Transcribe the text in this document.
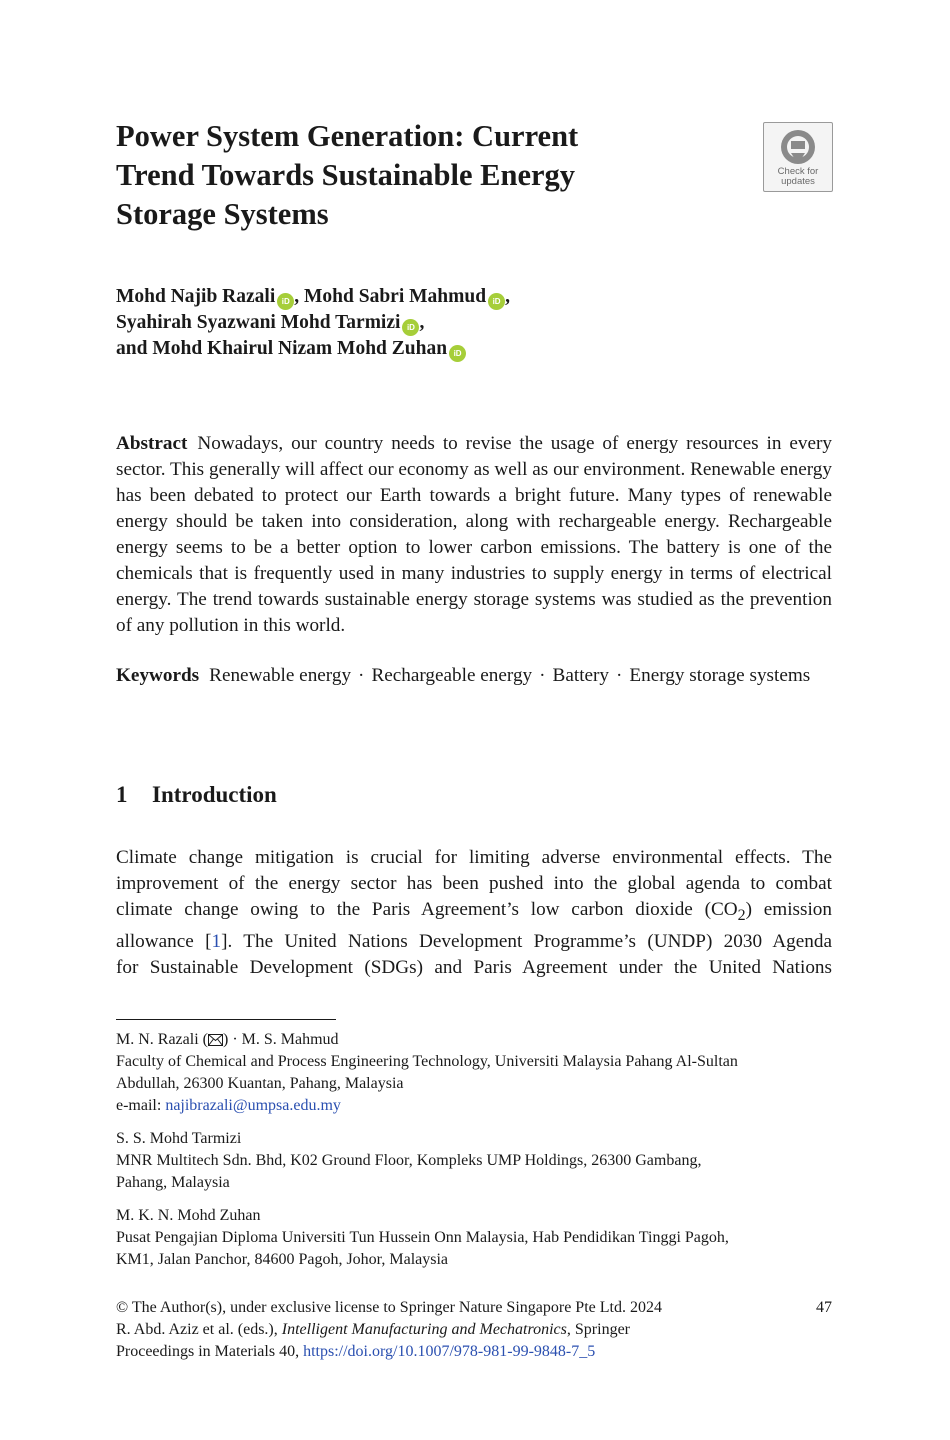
Power System Generation: Current
Trend Towards Sustainable Energy
Storage Systems
Check for
updates
Mohd Najib Razali iD , Mohd Sabri Mahmud iD ,
Syahirah Syazwani Mohd Tarmizi iD ,
and Mohd Khairul Nizam Mohd Zuhan iD

Abstract Nowadays, our country needs to revise the usage of energy resources in every sector. This generally will affect our economy as well as our environment. Renewable energy has been debated to protect our Earth towards a bright future. Many types of renewable energy should be taken into consideration, along with rechargeable energy. Rechargeable energy seems to be a better option to lower carbon emissions. The battery is one of the chemicals that is frequently used in many industries to supply energy in terms of electrical energy. The trend towards sustainable energy storage systems was studied as the prevention of any pollution in this world.

Keywords Renewable energy · Rechargeable energy · Battery · Energy storage systems

1 Introduction

Climate change mitigation is crucial for limiting adverse environmental effects. The
improvement of the energy sector has been pushed into the global agenda to combat
climate change owing to the Paris Agreement’s low carbon dioxide $(CO_2)$ emission
allowance [1]. The United Nations Development Programme’s (UNDP) 2030 Agenda
for Sustainable Development (SDGs) and Paris Agreement under the United Nations

M. N. Razali ( ) · M. S. Mahmud
Faculty of Chemical and Process Engineering Technology, Universiti Malaysia Pahang Al-Sultan
Abdullah, 26300 Kuantan, Pahang, Malaysia
e-mail: najibrazali@umpsa.edu.my
S. S. Mohd Tarmizi
MNR Multitech Sdn. Bhd, K02 Ground Floor, Kompleks UMP Holdings, 26300 Gambang,
Pahang, Malaysia
M. K. N. Mohd Zuhan
Pusat Pengajian Diploma Universiti Tun Hussein Onn Malaysia, Hab Pendidikan Tinggi Pagoh,
KM1, Jalan Panchor, 84600 Pagoh, Johor, Malaysia
© The Author(s), under exclusive license to Springer Nature Singapore Pte Ltd. 2024	47
R. Abd. Aziz et al. (eds.), Intelligent Manufacturing and Mechatronics, Springer
Proceedings in Materials 40, https://doi.org/10.1007/978-981-99-9848-7_5
